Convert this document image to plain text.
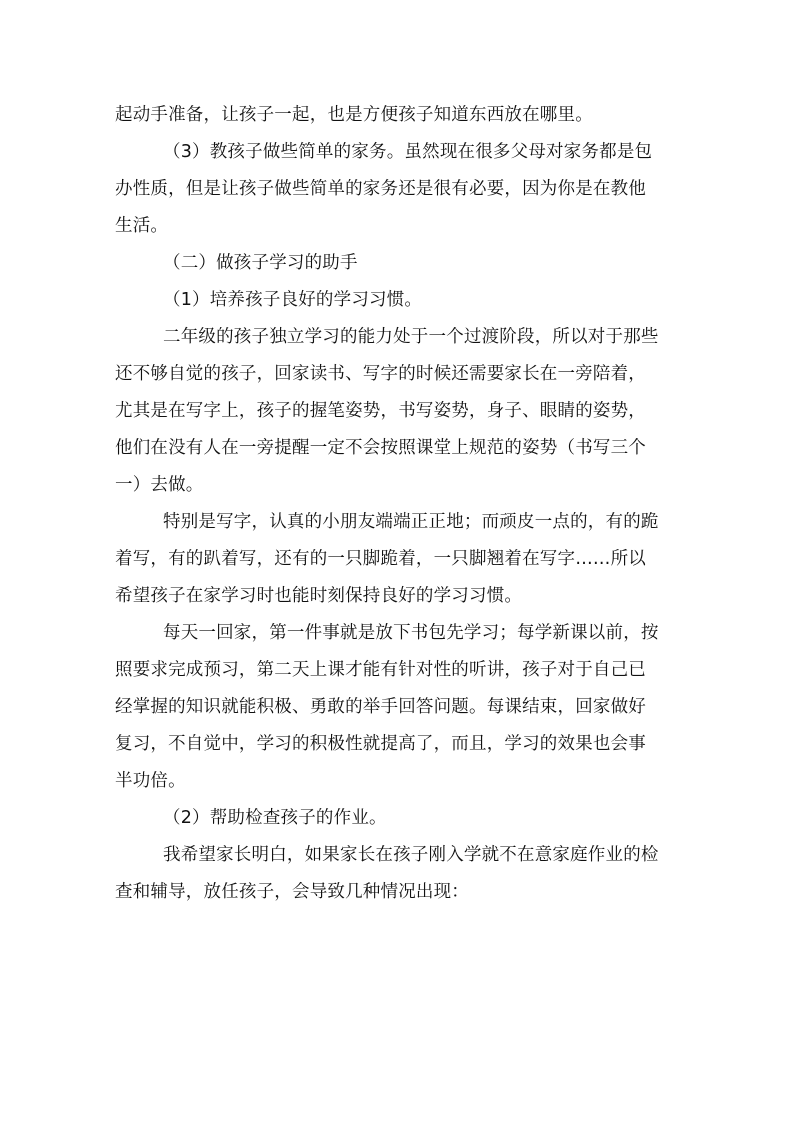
起动手准备，让孩子一起，也是方便孩子知道东西放在哪里。
（3）教孩子做些简单的家务。虽然现在很多父母对家务都是包
办性质，但是让孩子做些简单的家务还是很有必要，因为你是在教他
生活。
（二）做孩子学习的助手
（1）培养孩子良好的学习习惯。
二年级的孩子独立学习的能力处于一个过渡阶段，所以对于那些
还不够自觉的孩子，回家读书、写字的时候还需要家长在一旁陪着，
尤其是在写字上，孩子的握笔姿势，书写姿势，身子、眼睛的姿势，
他们在没有人在一旁提醒一定不会按照课堂上规范的姿势（书写三个
一）去做。
特别是写字，认真的小朋友端端正正地；而顽皮一点的，有的跪
着写，有的趴着写，还有的一只脚跪着，一只脚翘着在写字……所以
希望孩子在家学习时也能时刻保持良好的学习习惯。
每天一回家，第一件事就是放下书包先学习；每学新课以前，按
照要求完成预习，第二天上课才能有针对性的听讲，孩子对于自己已
经掌握的知识就能积极、勇敢的举手回答问题。每课结束，回家做好
复习，不自觉中，学习的积极性就提高了，而且，学习的效果也会事
半功倍。
（2）帮助检查孩子的作业。
我希望家长明白，如果家长在孩子刚入学就不在意家庭作业的检
查和辅导，放任孩子，会导致几种情况出现：
